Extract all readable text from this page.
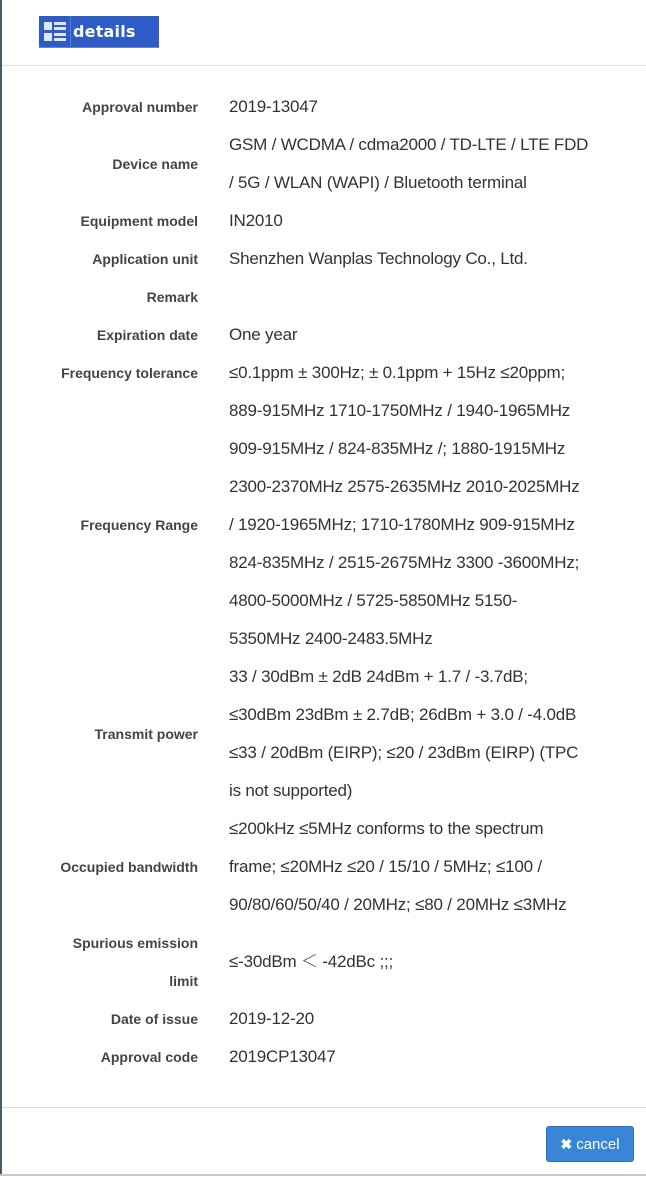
details
Approval number 2019-13047
Device name
GSM / WCDMA / cdma2000 / TD-LTE / LTE FDD
/ 5G / WLAN (WAPI) / Bluetooth terminal
Equipment model IN2010
Application unit Shenzhen Wanplas Technology Co., Ltd.
Remark

Expiration date One year
Frequency tolerance ≤0.1ppm ± 300Hz; ± 0.1ppm + 15Hz ≤20ppm;
Frequency Range
889-915MHz 1710-1750MHz / 1940-1965MHz
909-915MHz / 824-835MHz /; 1880-1915MHz
2300-2370MHz 2575-2635MHz 2010-2025MHz
/ 1920-1965MHz; 1710-1780MHz 909-915MHz
824-835MHz / 2515-2675MHz 3300 -3600MHz;
4800-5000MHz / 5725-5850MHz 5150-
5350MHz 2400-2483.5MHz
Transmit power
33 / 30dBm ± 2dB 24dBm + 1.7 / -3.7dB;
≤30dBm 23dBm ± 2.7dB; 26dBm + 3.0 / -4.0dB
≤33 / 20dBm (EIRP); ≤20 / 23dBm (EIRP) (TPC
is not supported)
Occupied bandwidth
≤200kHz ≤5MHz conforms to the spectrum
frame; ≤20MHz ≤20 / 15/10 / 5MHz; ≤100 /
90/80/60/50/40 / 20MHz; ≤80 / 20MHz ≤3MHz
Spurious emission
limit
≤-30dBm ＜ -42dBc ;;;
Date of issue 2019-12-20
Approval code 2019CP13047
✖ cancel
